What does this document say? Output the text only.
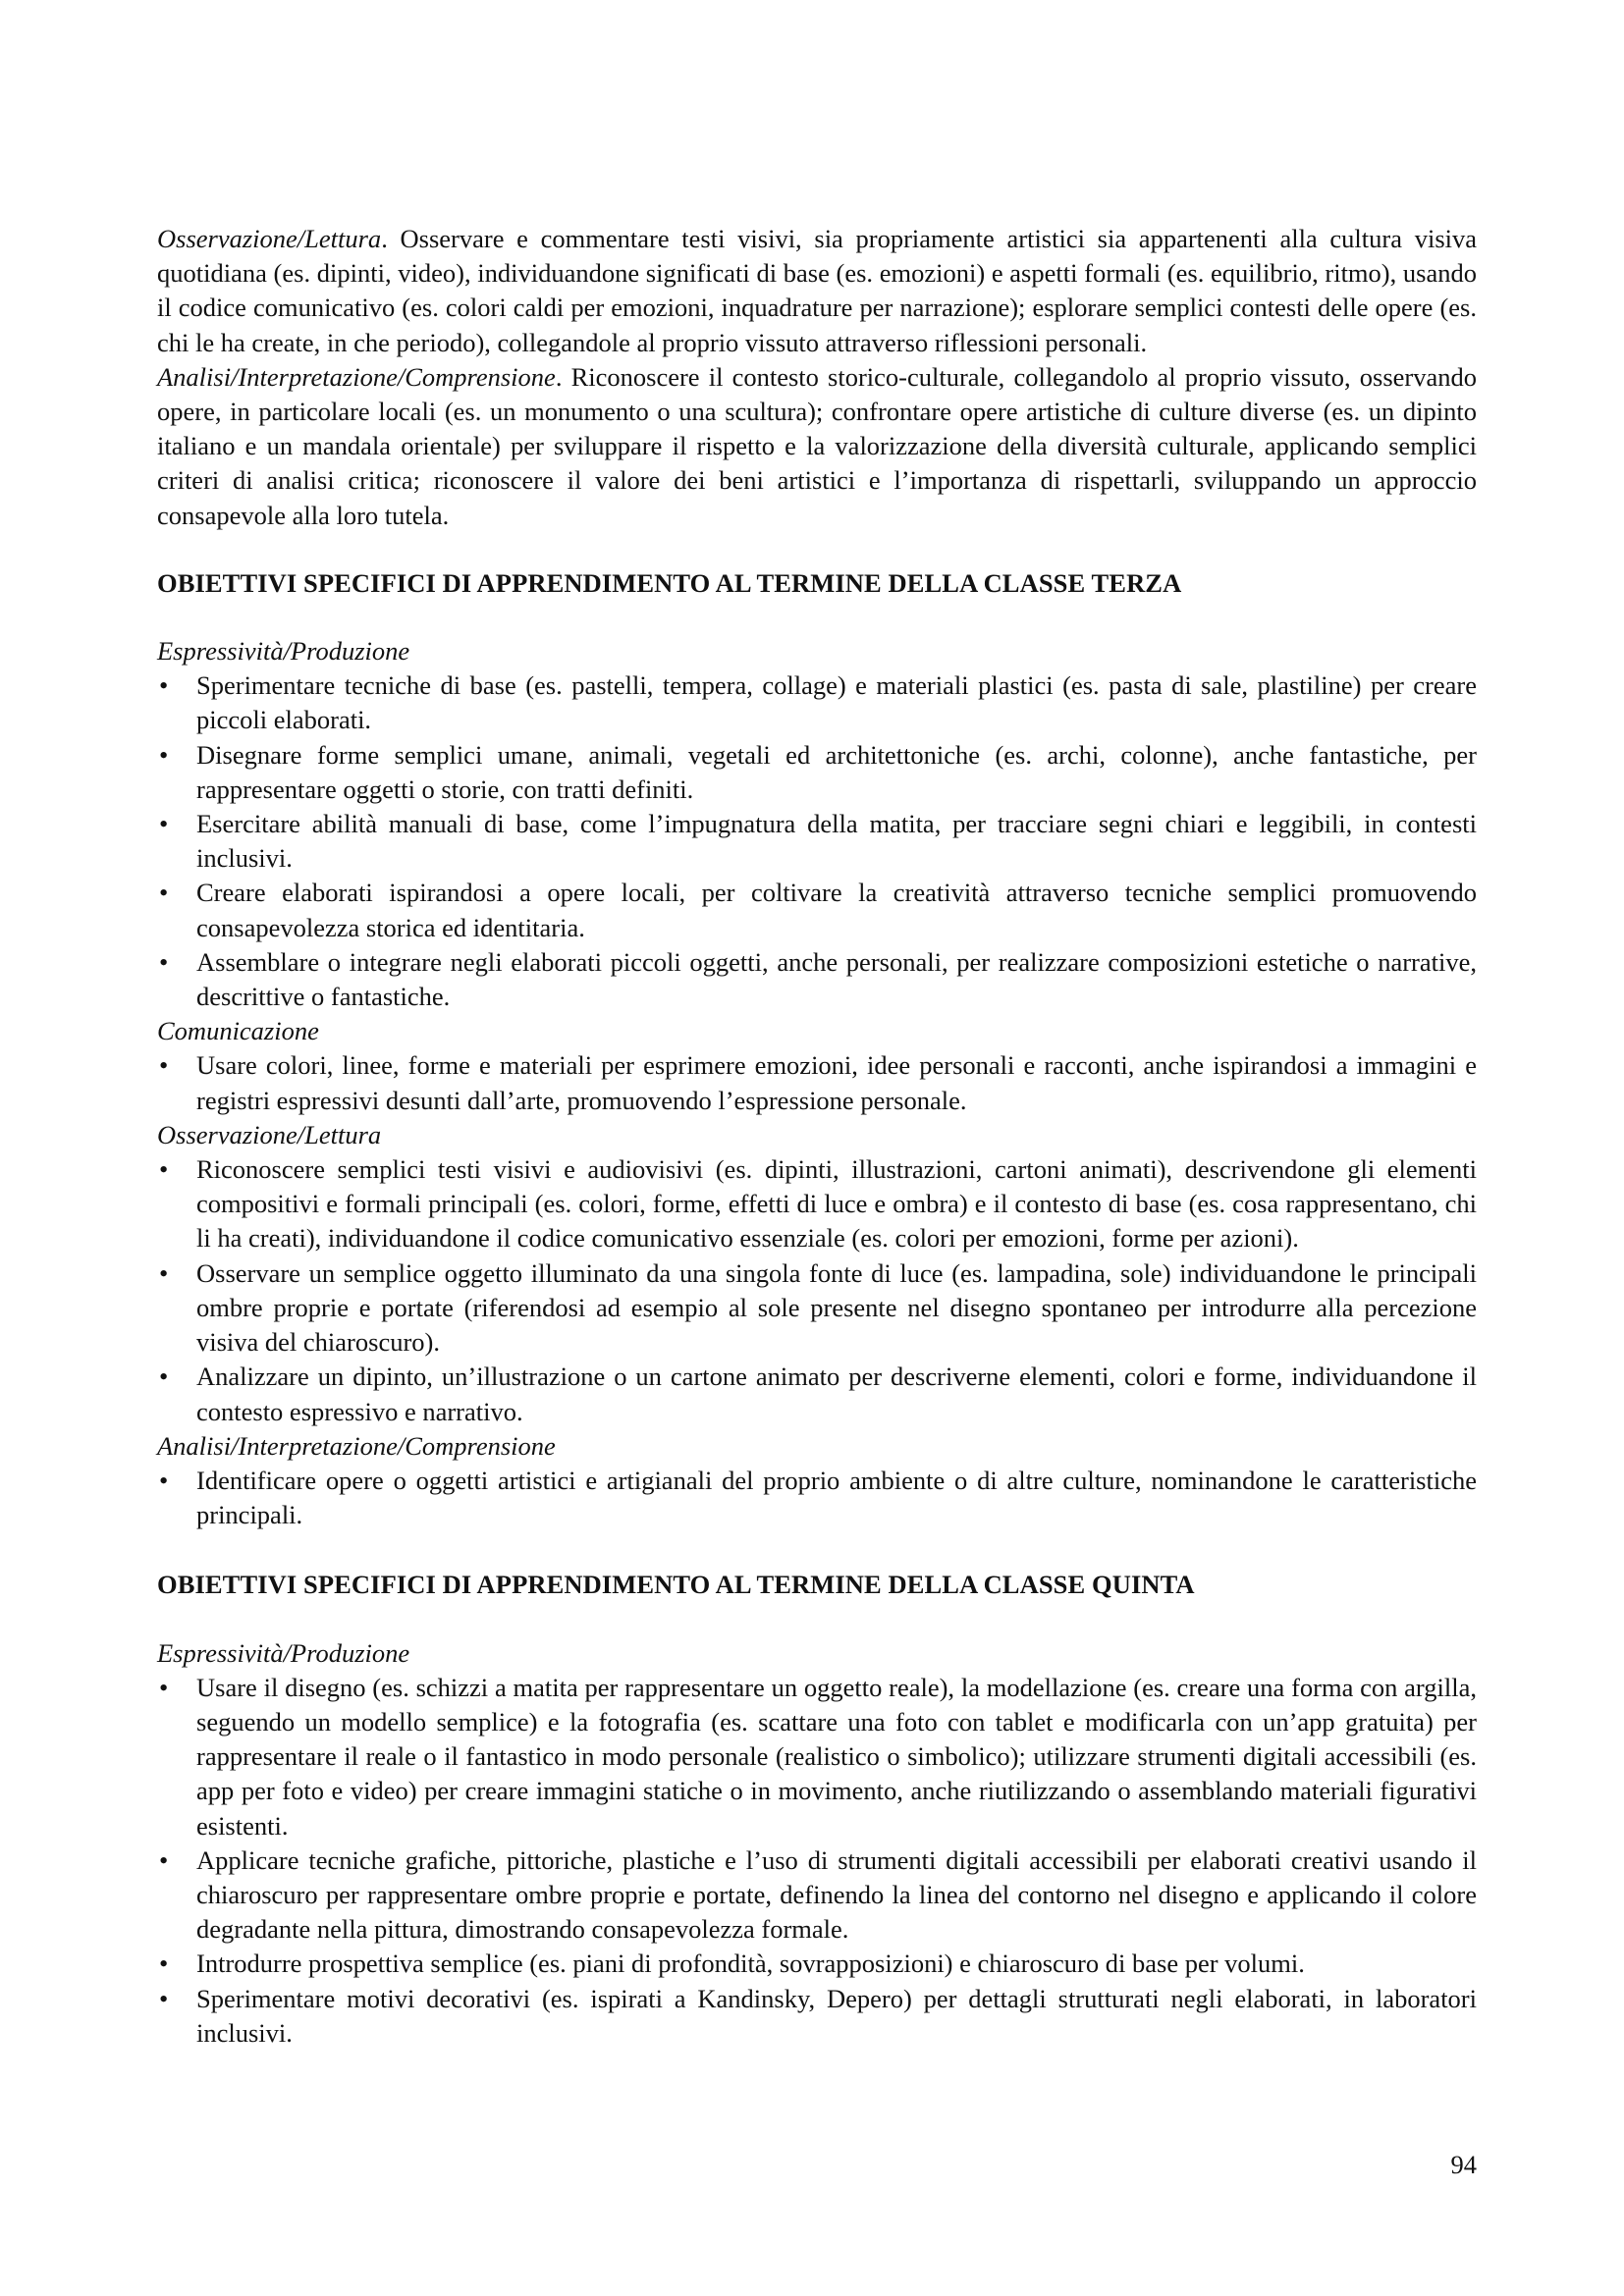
Osservazione/Lettura. Osservare e commentare testi visivi, sia propriamente artistici sia appartenenti alla cultura visiva quotidiana (es. dipinti, video), individuandone significati di base (es. emozioni) e aspetti formali (es. equilibrio, ritmo), usando il codice comunicativo (es. colori caldi per emozioni, inquadrature per narrazione); esplorare semplici contesti delle opere (es. chi le ha create, in che periodo), collegandole al proprio vissuto attraverso riflessioni personali.

Analisi/Interpretazione/Comprensione. Riconoscere il contesto storico-culturale, collegandolo al proprio vissuto, osservando opere, in particolare locali (es. un monumento o una scultura); confrontare opere artistiche di culture diverse (es. un dipinto italiano e un mandala orientale) per sviluppare il rispetto e la valorizzazione della diversità culturale, applicando semplici criteri di analisi critica; riconoscere il valore dei beni artistici e l’importanza di rispettarli, sviluppando un approccio consapevole alla loro tutela.

OBIETTIVI SPECIFICI DI APPRENDIMENTO AL TERMINE DELLA CLASSE TERZA

Espressività/Produzione

• Sperimentare tecniche di base (es. pastelli, tempera, collage) e materiali plastici (es. pasta di sale, plastiline) per creare piccoli elaborati.
• Disegnare forme semplici umane, animali, vegetali ed architettoniche (es. archi, colonne), anche fantastiche, per rappresentare oggetti o storie, con tratti definiti.
• Esercitare abilità manuali di base, come l’impugnatura della matita, per tracciare segni chiari e leggibili, in contesti inclusivi.
• Creare elaborati ispirandosi a opere locali, per coltivare la creatività attraverso tecniche semplici promuovendo consapevolezza storica ed identitaria.
• Assemblare o integrare negli elaborati piccoli oggetti, anche personali, per realizzare composizioni estetiche o narrative, descrittive o fantastiche.

Comunicazione

• Usare colori, linee, forme e materiali per esprimere emozioni, idee personali e racconti, anche ispirandosi a immagini e registri espressivi desunti dall’arte, promuovendo l’espressione personale.

Osservazione/Lettura

• Riconoscere semplici testi visivi e audiovisivi (es. dipinti, illustrazioni, cartoni animati), descrivendone gli elementi compositivi e formali principali (es. colori, forme, effetti di luce e ombra) e il contesto di base (es. cosa rappresentano, chi li ha creati), individuandone il codice comunicativo essenziale (es. colori per emozioni, forme per azioni).
• Osservare un semplice oggetto illuminato da una singola fonte di luce (es. lampadina, sole) individuandone le principali ombre proprie e portate (riferendosi ad esempio al sole presente nel disegno spontaneo per introdurre alla percezione visiva del chiaroscuro).
• Analizzare un dipinto, un’illustrazione o un cartone animato per descriverne elementi, colori e forme, individuandone il contesto espressivo e narrativo.

Analisi/Interpretazione/Comprensione

• Identificare opere o oggetti artistici e artigianali del proprio ambiente o di altre culture, nominandone le caratteristiche principali.
OBIETTIVI SPECIFICI DI APPRENDIMENTO AL TERMINE DELLA CLASSE QUINTA

Espressività/Produzione

• Usare il disegno (es. schizzi a matita per rappresentare un oggetto reale), la modellazione (es. creare una forma con argilla, seguendo un modello semplice) e la fotografia (es. scattare una foto con tablet e modificarla con un’app gratuita) per rappresentare il reale o il fantastico in modo personale (realistico o simbolico); utilizzare strumenti digitali accessibili (es. app per foto e video) per creare immagini statiche o in movimento, anche riutilizzando o assemblando materiali figurativi esistenti.
• Applicare tecniche grafiche, pittoriche, plastiche e l’uso di strumenti digitali accessibili per elaborati creativi usando il chiaroscuro per rappresentare ombre proprie e portate, definendo la linea del contorno nel disegno e applicando il colore degradante nella pittura, dimostrando consapevolezza formale.
• Introdurre prospettiva semplice (es. piani di profondità, sovrapposizioni) e chiaroscuro di base per volumi.
• Sperimentare motivi decorativi (es. ispirati a Kandinsky, Depero) per dettagli strutturati negli elaborati, in laboratori inclusivi.
94
